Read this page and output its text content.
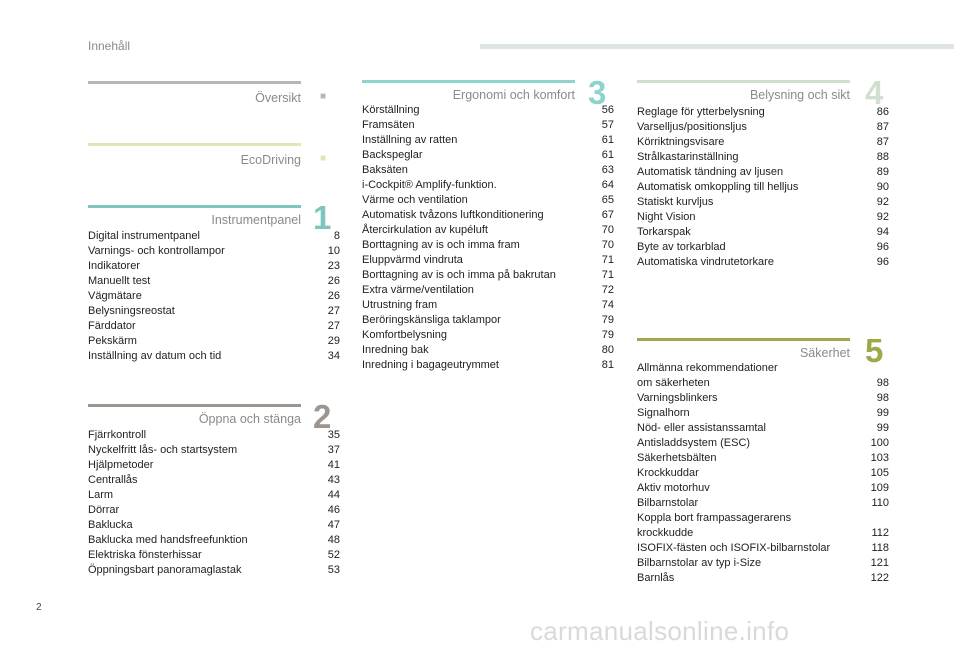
Innehåll
Översikt ■
EcoDriving ■
Instrumentpanel 1
Digital instrumentpanel	8
Varnings- och kontrollampor	10
Indikatorer	23
Manuellt test	26
Vägmätare	26
Belysningsreostat	27
Färddator	27
Pekskärm	29
Inställning av datum och tid	34
Öppna och stänga 2
Fjärrkontroll	35
Nyckelfritt lås- och startsystem	37
Hjälpmetoder	41
Centrallås	43
Larm	44
Dörrar	46
Baklucka	47
Baklucka med handsfreefunktion	48
Elektriska fönsterhissar	52
Öppningsbart panoramaglastak	53
Ergonomi och komfort 3
Körställning	56
Framsäten	57
Inställning av ratten	61
Backspeglar	61
Baksäten	63
i-Cockpit® Amplify-funktion.	64
Värme och ventilation	65
Automatisk tvåzons luftkonditionering	67
Återcirkulation av kupéluft	70
Borttagning av is och imma fram	70
Eluppvärmd vindruta	71
Borttagning av is och imma på bakrutan	71
Extra värme/ventilation	72
Utrustning fram	74
Beröringskänsliga taklampor	79
Komfortbelysning	79
Inredning bak	80
Inredning i bagageutrymmet	81
Belysning och sikt 4
Reglage för ytterbelysning	86
Varselljus/positionsljus	87
Körriktningsvisare	87
Strålkastarinställning	88
Automatisk tändning av ljusen	89
Automatisk omkoppling till helljus	90
Statiskt kurvljus	92
Night Vision	92
Torkarspak	94
Byte av torkarblad	96
Automatiska vindrutetorkare	96
Säkerhet 5
Allmänna rekommendationer
om säkerheten	98
Varningsblinkers	98
Signalhorn	99
Nöd- eller assistanssamtal	99
Antisladdsystem (ESC)	100
Säkerhetsbälten	103
Krockkuddar	105
Aktiv motorhuv	109
Bilbarnstolar	110
Koppla bort frampassagerarens
krockkudde	112
ISOFIX-fästen och ISOFIX-bilbarnstolar	118
Bilbarnstolar av typ i-Size	121
Barnlås	122
2
carmanualsonline.info
